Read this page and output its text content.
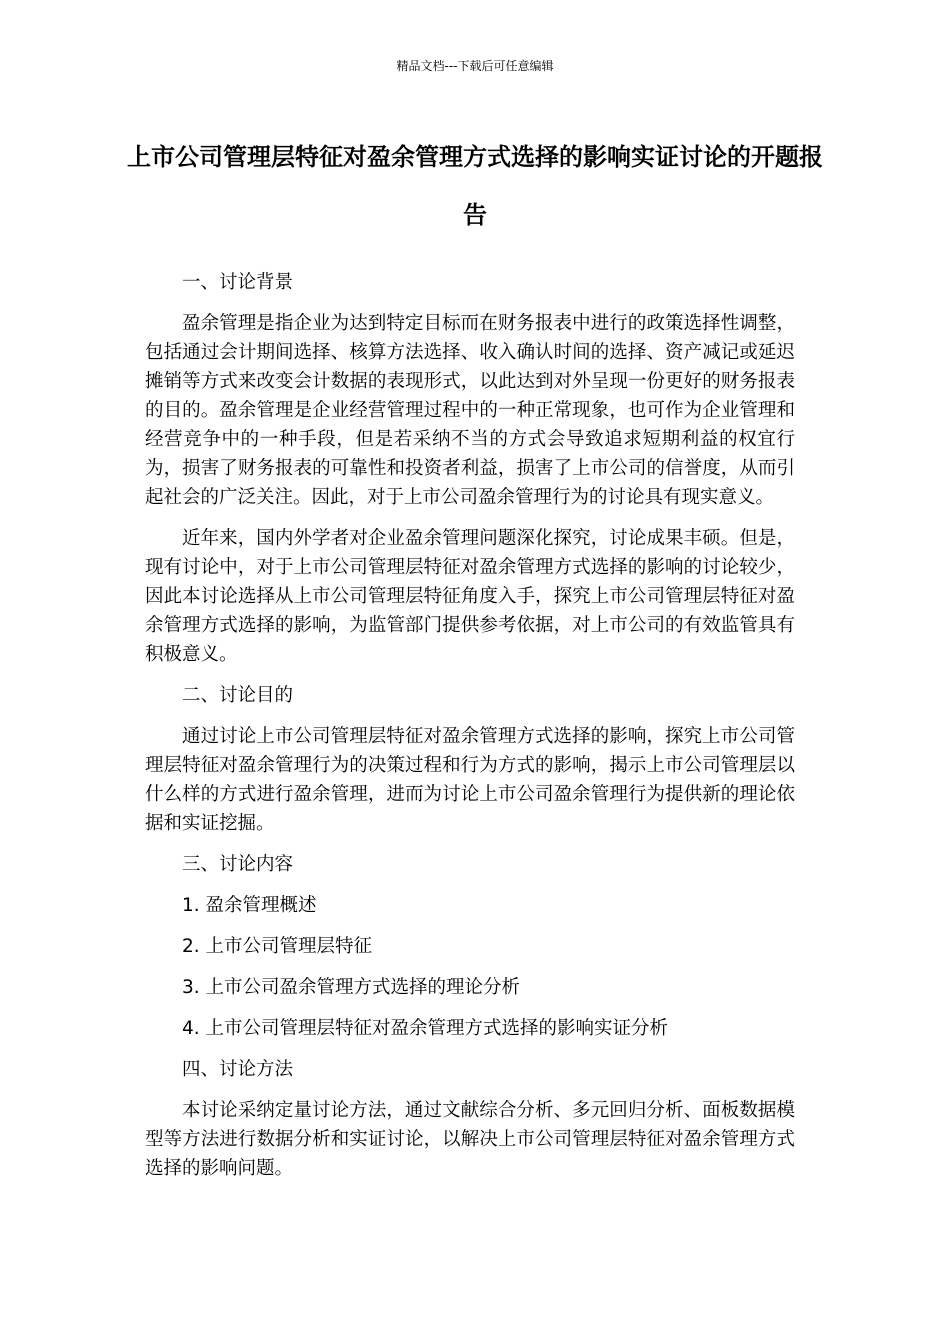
精品文档---下载后可任意编辑
上市公司管理层特征对盈余管理方式选择的影响实证讨论的开题报告

一、讨论背景

盈余管理是指企业为达到特定目标而在财务报表中进行的政策选择性调整，包括通过会计期间选择、核算方法选择、收入确认时间的选择、资产减记或延迟摊销等方式来改变会计数据的表现形式，以此达到对外呈现一份更好的财务报表的目的。盈余管理是企业经营管理过程中的一种正常现象，也可作为企业管理和经营竞争中的一种手段，但是若采纳不当的方式会导致追求短期利益的权宜行为，损害了财务报表的可靠性和投资者利益，损害了上市公司的信誉度，从而引起社会的广泛关注。因此，对于上市公司盈余管理行为的讨论具有现实意义。

近年来，国内外学者对企业盈余管理问题深化探究，讨论成果丰硕。但是，现有讨论中，对于上市公司管理层特征对盈余管理方式选择的影响的讨论较少，因此本讨论选择从上市公司管理层特征角度入手，探究上市公司管理层特征对盈余管理方式选择的影响，为监管部门提供参考依据，对上市公司的有效监管具有积极意义。

二、讨论目的

通过讨论上市公司管理层特征对盈余管理方式选择的影响，探究上市公司管理层特征对盈余管理行为的决策过程和行为方式的影响，揭示上市公司管理层以什么样的方式进行盈余管理，进而为讨论上市公司盈余管理行为提供新的理论依据和实证挖掘。

三、讨论内容

1. 盈余管理概述

2. 上市公司管理层特征

3. 上市公司盈余管理方式选择的理论分析

4. 上市公司管理层特征对盈余管理方式选择的影响实证分析

四、讨论方法

本讨论采纳定量讨论方法，通过文献综合分析、多元回归分析、面板数据模型等方法进行数据分析和实证讨论，以解决上市公司管理层特征对盈余管理方式选择的影响问题。
